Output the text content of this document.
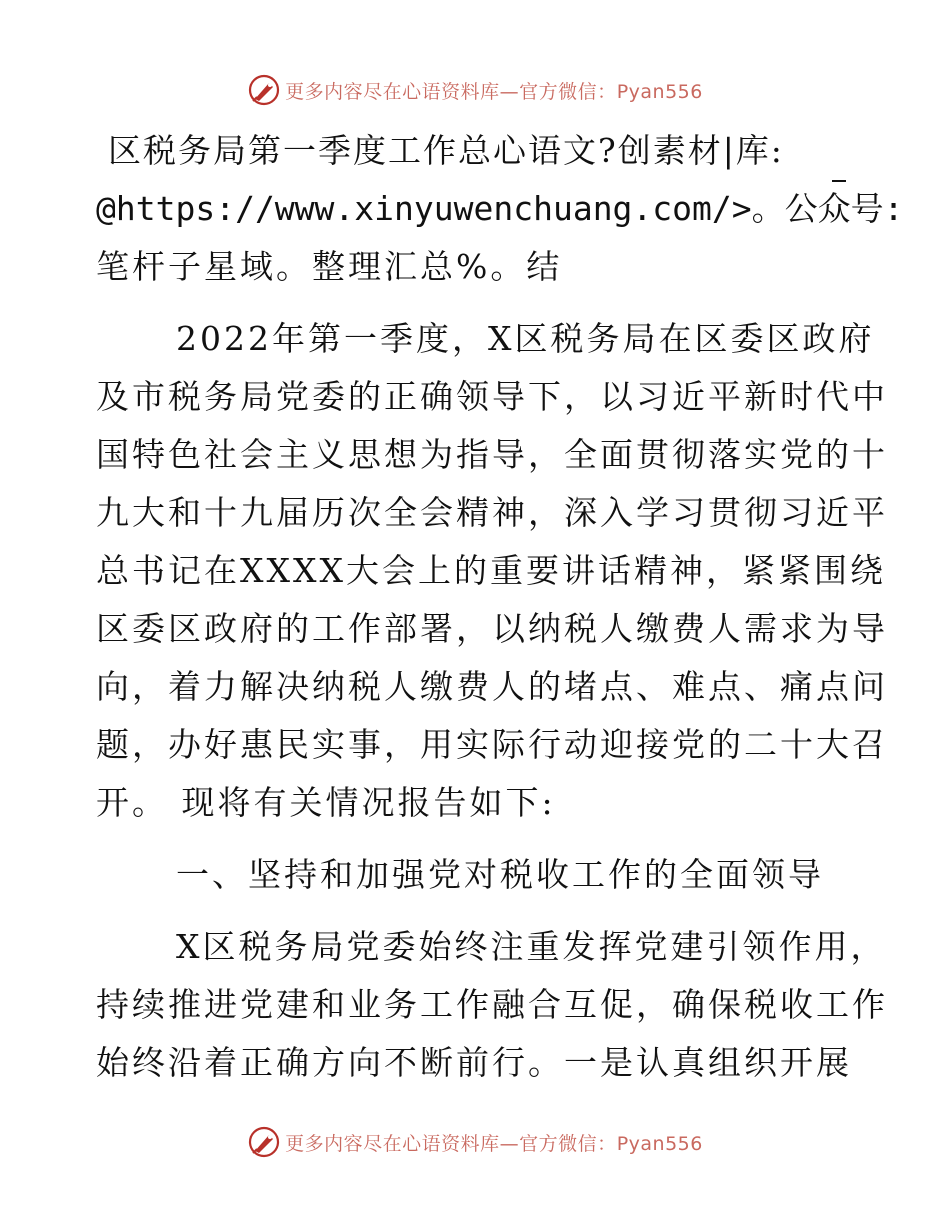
更多内容尽在心语资料库—官方微信：Pyan556
区税务局第一季度工作总心语文?创素材|库:
@https://www.xinyuwenchuang.com/>。公众号:
笔杆子星域。整理汇总%。结
2022年第一季度，X区税务局在区委区政府
及市税务局党委的正确领导下，以习近平新时代中
国特色社会主义思想为指导，全面贯彻落实党的十
九大和十九届历次全会精神，深入学习贯彻习近平
总书记在XXXX大会上的重要讲话精神，紧紧围绕
区委区政府的工作部署，以纳税人缴费人需求为导
向，着力解决纳税人缴费人的堵点、难点、痛点问
题，办好惠民实事，用实际行动迎接党的二十大召
开。 现将有关情况报告如下:
一、坚持和加强党对税收工作的全面领导
X区税务局党委始终注重发挥党建引领作用，
持续推进党建和业务工作融合互促，确保税收工作
始终沿着正确方向不断前行。一是认真组织开展
更多内容尽在心语资料库—官方微信：Pyan556
